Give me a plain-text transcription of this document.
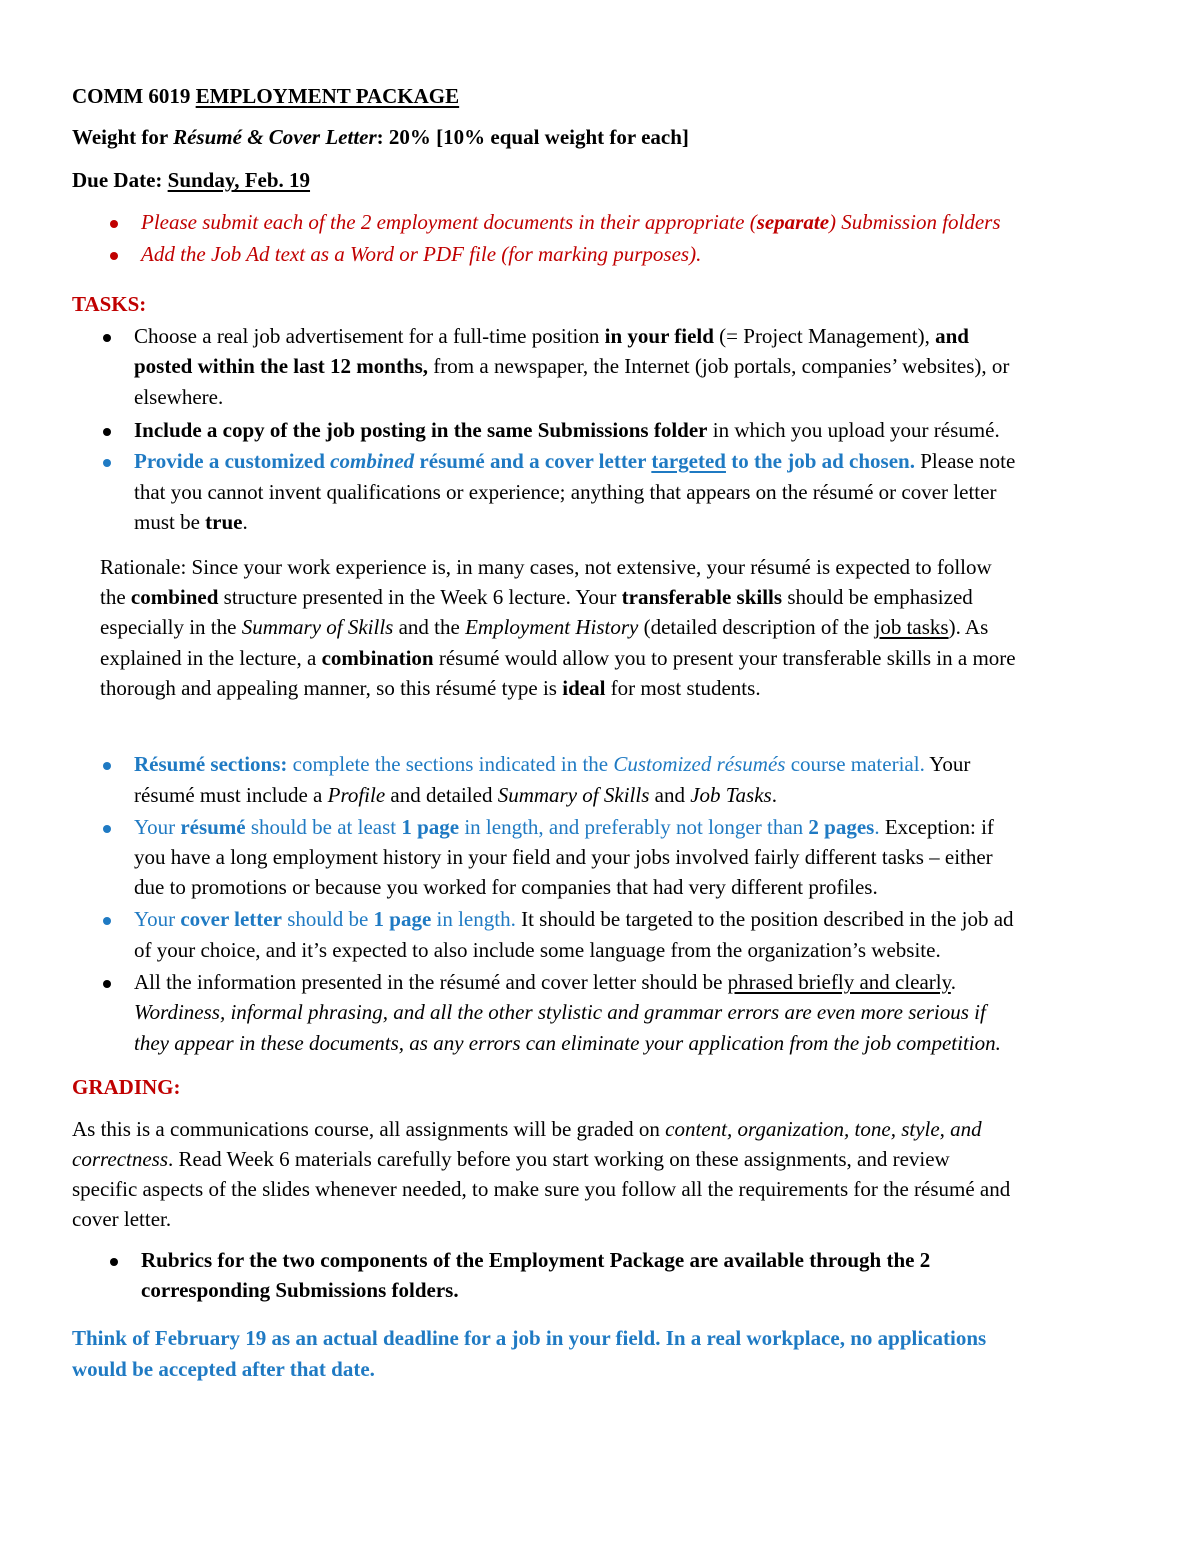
COMM 6019 EMPLOYMENT PACKAGE
Weight for Résumé & Cover Letter: 20% [10% equal weight for each]
Due Date: Sunday, Feb. 19
Please submit each of the 2 employment documents in their appropriate (separate) Submission folders
Add the Job Ad text as a Word or PDF file (for marking purposes).
TASKS:
Choose a real job advertisement for a full-time position in your field (= Project Management), and
posted within the last 12 months, from a newspaper, the Internet (job portals, companies’ websites), or
elsewhere.
Include a copy of the job posting in the same Submissions folder in which you upload your résumé.
Provide a customized combined résumé and a cover letter targeted to the job ad chosen. Please note
that you cannot invent qualifications or experience; anything that appears on the résumé or cover letter
must be true.
Rationale: Since your work experience is, in many cases, not extensive, your résumé is expected to follow
the combined structure presented in the Week 6 lecture. Your transferable skills should be emphasized
especially in the Summary of Skills and the Employment History (detailed description of the job tasks). As
explained in the lecture, a combination résumé would allow you to present your transferable skills in a more
thorough and appealing manner, so this résumé type is ideal for most students.
Résumé sections: complete the sections indicated in the Customized résumés course material. Your
résumé must include a Profile and detailed Summary of Skills and Job Tasks.
Your résumé should be at least 1 page in length, and preferably not longer than 2 pages. Exception: if
you have a long employment history in your field and your jobs involved fairly different tasks – either
due to promotions or because you worked for companies that had very different profiles.
Your cover letter should be 1 page in length. It should be targeted to the position described in the job ad
of your choice, and it’s expected to also include some language from the organization’s website.
All the information presented in the résumé and cover letter should be phrased briefly and clearly.
Wordiness, informal phrasing, and all the other stylistic and grammar errors are even more serious if
they appear in these documents, as any errors can eliminate your application from the job competition.
GRADING:
As this is a communications course, all assignments will be graded on content, organization, tone, style, and
correctness. Read Week 6 materials carefully before you start working on these assignments, and review
specific aspects of the slides whenever needed, to make sure you follow all the requirements for the résumé and
cover letter.
Rubrics for the two components of the Employment Package are available through the 2
corresponding Submissions folders.
Think of February 19 as an actual deadline for a job in your field. In a real workplace, no applications
would be accepted after that date.
